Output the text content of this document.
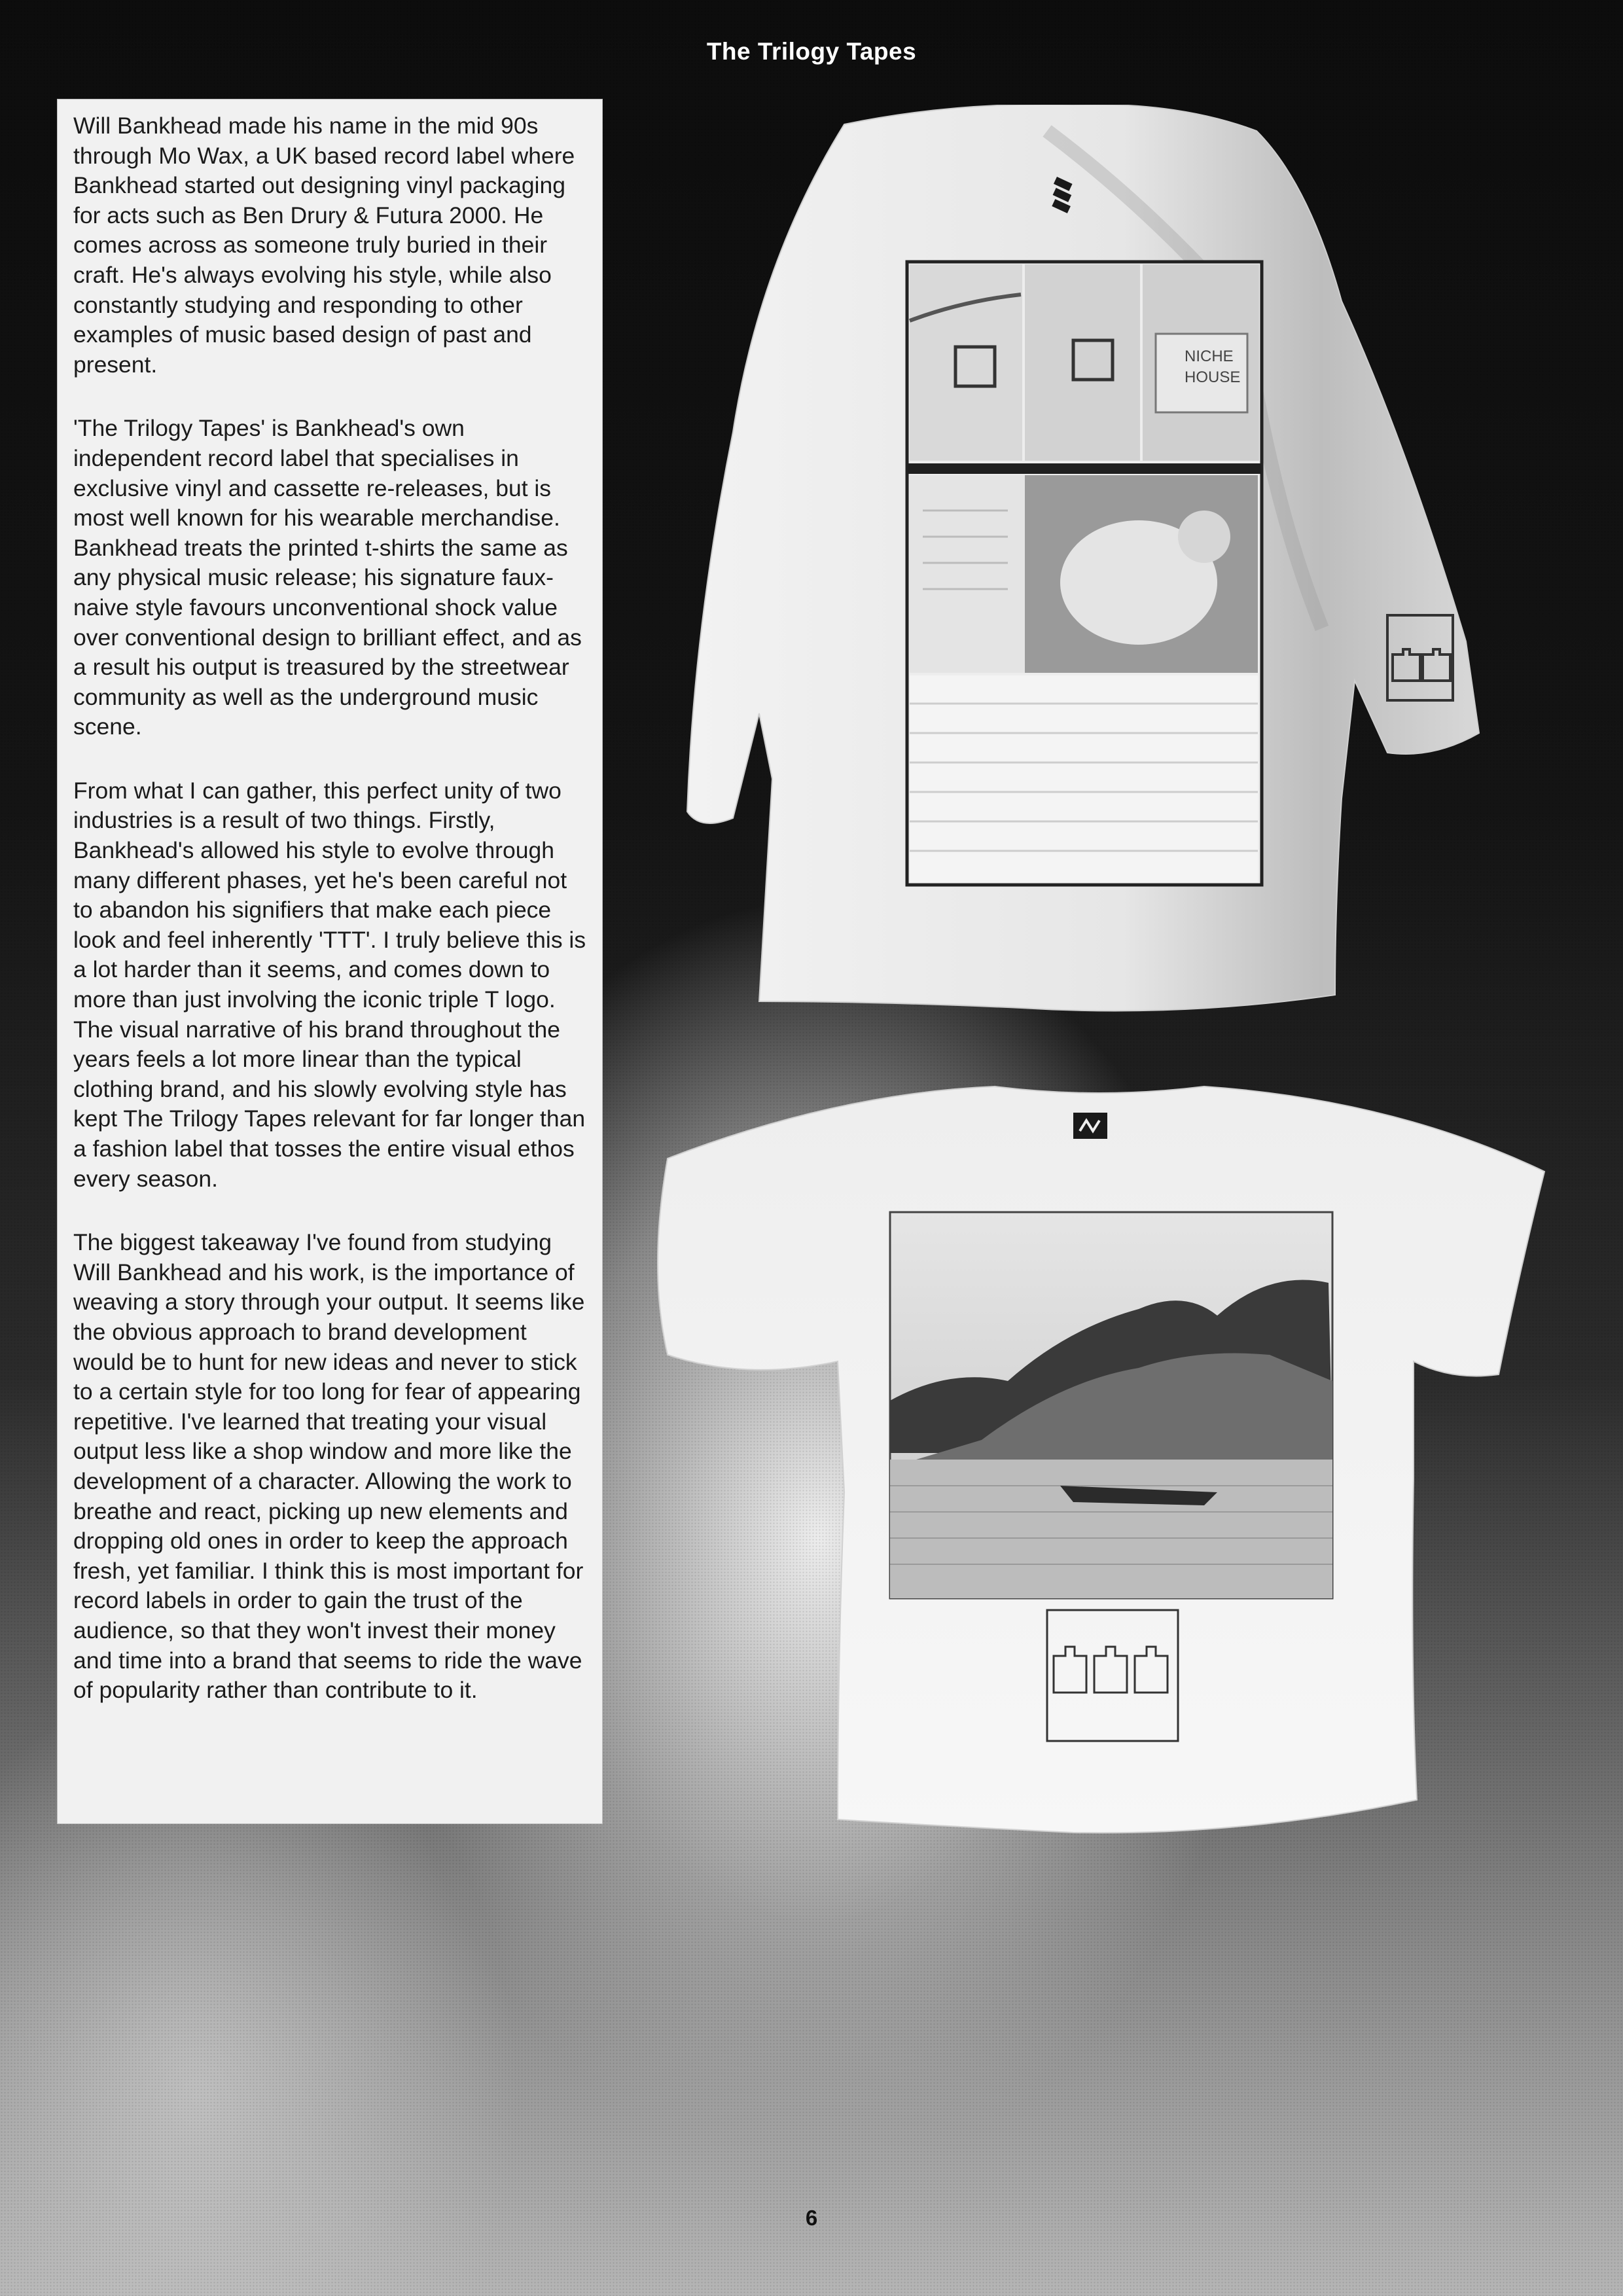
The Trilogy Tapes

Will Bankhead made his name in the mid 90s through Mo Wax, a UK based record label where Bankhead started out designing vinyl packaging for acts such as Ben Drury & Futura 2000. He comes across as someone truly buried in their craft. He's always evolving his style, while also constantly studying and responding to other examples of music based design of past and present.

'The Trilogy Tapes' is Bankhead's own independent record label that specialises in exclusive vinyl and cassette re-releases, but is most well known for his wearable merchandise. Bankhead treats the printed t-shirts the same as any physical music release; his signature faux-naive style favours unconventional shock value over conventional design to brilliant effect, and as a result his output is treasured by the streetwear community as well as the underground music scene.

From what I can gather, this perfect unity of two industries is a result of two things. Firstly, Bankhead's allowed his style to evolve through many different phases, yet he's been careful not to abandon his signifiers that make each piece look and feel inherently 'TTT'. I truly believe this is a lot harder than it seems, and comes down to more than just involving the iconic triple T logo. The visual narrative of his brand throughout the years feels a lot more linear than the typical clothing brand, and his slowly evolving style has kept The Trilogy Tapes relevant for far longer than a fashion label that tosses the entire visual ethos every season.

The biggest takeaway I've found from studying Will Bankhead and his work, is the importance of weaving a story through your output. It seems like the obvious approach to brand development would be to hunt for new ideas and never to stick to a certain style for too long for fear of appearing repetitive. I've learned that treating your visual output less like a shop window and more like the development of a character. Allowing the work to breathe and react, picking up new elements and dropping old ones in order to keep the approach fresh, yet familiar. I think this is most important for record labels in order to gain the trust of the audience, so that they won't invest their money and time into a brand that seems to ride the wave of popularity rather than contribute to it.

NICHE
HOUSE
6
